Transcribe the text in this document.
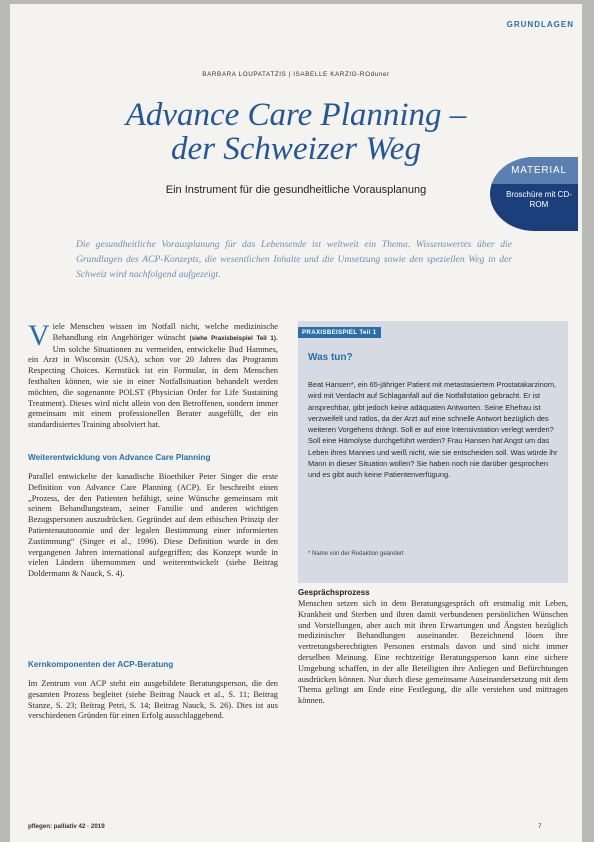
GRUNDLAGEN
BARBARA LOUPATATZIS | ISABELLE KARZIG-ROduner
Advance Care Planning –
der Schweizer Weg
Ein Instrument für die gesundheitliche Vorausplanung
MATERIAL
Broschüre mit CD-ROM
Die gesundheitliche Vorausplanung für das Lebensende ist weltweit ein Thema. Wissenswertes über die Grundlagen des ACP-Konzepts, die wesentlichen Inhalte und die Umsetzung sowie den speziellen Weg in der Schweiz wird nachfolgend aufgezeigt.

Viele Menschen wissen im Notfall nicht, welche medizinische Behandlung ein Angehöriger wünscht (siehe Praxisbeispiel Teil 1). Um solche Situationen zu vermeiden, entwickelte Bud Hammes, ein Arzt in Wisconsin (USA), schon vor 20 Jahren das Programm Respecting Choices. Kernstück ist ein Formular, in dem Menschen festhalten können, wie sie in einer Notfallsituation behandelt werden möchten, die sogenannte POLST (Physician Order for Life Sustaining Treatment). Dieses wird nicht allein von den Betroffenen, sondern immer gemeinsam mit einem professionellen Berater ausgefüllt, der ein standardisiertes Training absolviert hat.

Weiterentwicklung von Advance Care Planning

Parallel entwickelte der kanadische Bioethiker Peter Singer die erste Definition von Advance Care Planning (ACP). Er beschreibt einen „Prozess, der den Patienten befähigt, seine Wünsche gemeinsam mit seinem Behandlungsteam, seiner Familie und anderen wichtigen Bezugspersonen auszudrücken. Gegründet auf dem ethischen Prinzip der Patientenautonomie und der legalen Bestimmung einer informierten Zustimmung“ (Singer et al., 1996). Diese Definition wurde in den vergangenen Jahren international aufgegriffen; das Konzept wurde in vielen Ländern übernommen und weiterentwickelt (siehe Beitrag Doldermann & Nauck, S. 4).

Kernkomponenten der ACP-Beratung

Im Zentrum von ACP steht ein ausgebildete Beratungsperson, die den gesamten Prozess begleitet (siehe Beitrag Nauck et al., S. 11; Beitrag Stanze, S. 23; Beitrag Petri, S. 14; Beitrag Nauck, S. 26). Dies ist aus verschiedenen Gründen für einen Erfolg ausschlaggebend.

PRAXISBEISPIEL Teil 1
Was tun?

Beat Hansen*, ein 65-jähriger Patient mit metastasiertem Prostatakarzinom, wird mit Verdacht auf Schlaganfall auf die Notfallstation gebracht. Er ist ansprechbar, gibt jedoch keine adäquaten Antworten. Seine Ehefrau ist verzweifelt und ratlos, da der Arzt auf eine schnelle Antwort bezüglich des weiteren Vorgehens drängt. Soll er auf eine Intensivstation verlegt werden? Soll eine Hämolyse durchgeführt werden? Frau Hansen hat Angst um das Leben ihres Mannes und weiß nicht, wie sie entscheiden soll. Was würde ihr Mann in dieser Situation wollen? Sie haben noch nie darüber gesprochen und es gibt auch keine Patientenverfügung.

* Name von der Redaktion geändert

Gesprächsprozess

Menschen setzen sich in dem Beratungsgespräch oft erstmalig mit Leben, Krankheit und Sterben und ihren damit verbundenen persönlichen Wünschen und Vorstellungen, aber auch mit ihren Erwartungen und Ängsten bezüglich medizinischer Behandlungen auseinander. Bezeichnend lösen ihre vertretungsberechtigten Personen erstmals davon und sind nicht immer derselben Meinung. Eine rechtzeitige Beratungsperson kann eine sichere Umgebung schaffen, in der alle Beteiligten ihre Anliegen und Befürchtungen ausdrücken können. Nur durch diese gemeinsame Auseinandersetzung mit dem Thema gelingt am Ende eine Festlegung, die alle verstehen und mittragen können.

pflegen: palliativ 42 · 2019	7
